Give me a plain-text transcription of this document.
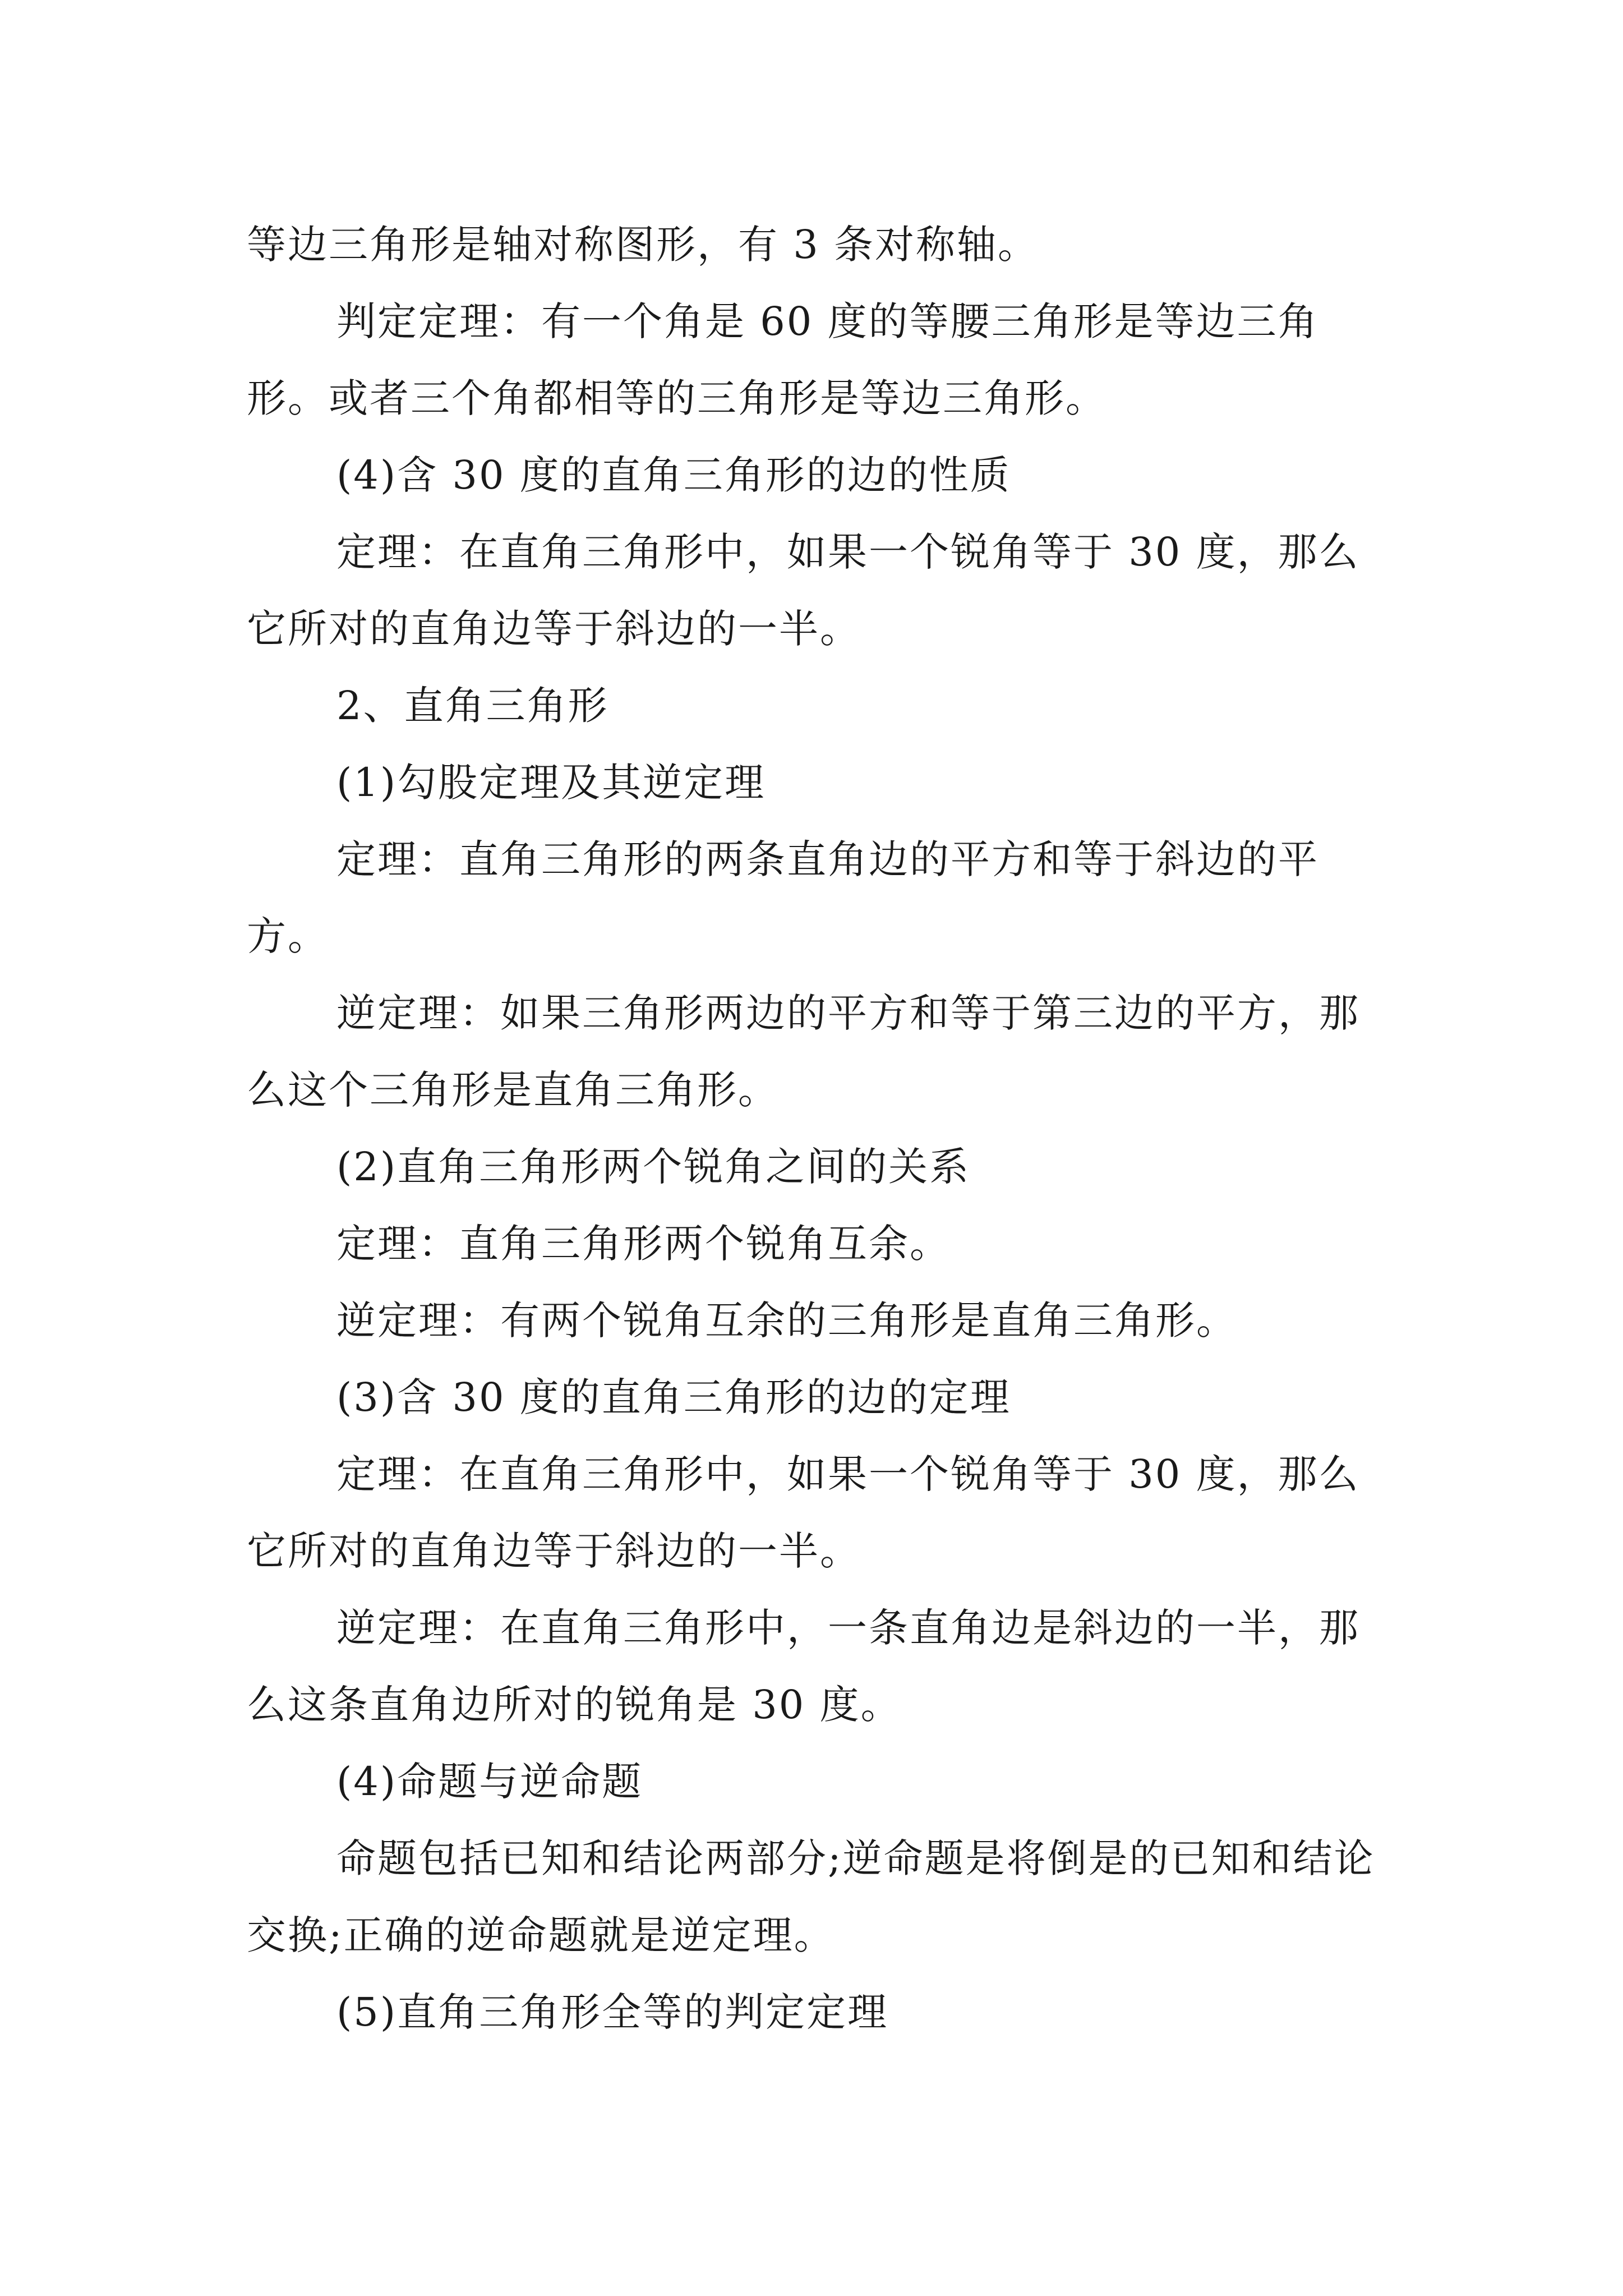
等边三角形是轴对称图形，有 3 条对称轴。

判定定理：有一个角是 60 度的等腰三角形是等边三角形。或者三个角都相等的三角形是等边三角形。

(4)含 30 度的直角三角形的边的性质

定理：在直角三角形中，如果一个锐角等于 30 度，那么它所对的直角边等于斜边的一半。

2、直角三角形

(1)勾股定理及其逆定理

定理：直角三角形的两条直角边的平方和等于斜边的平方。

逆定理：如果三角形两边的平方和等于第三边的平方，那么这个三角形是直角三角形。

(2)直角三角形两个锐角之间的关系

定理：直角三角形两个锐角互余。

逆定理：有两个锐角互余的三角形是直角三角形。

(3)含 30 度的直角三角形的边的定理

定理：在直角三角形中，如果一个锐角等于 30 度，那么它所对的直角边等于斜边的一半。

逆定理：在直角三角形中，一条直角边是斜边的一半，那么这条直角边所对的锐角是 30 度。

(4)命题与逆命题

命题包括已知和结论两部分;逆命题是将倒是的已知和结论交换;正确的逆命题就是逆定理。

(5)直角三角形全等的判定定理
